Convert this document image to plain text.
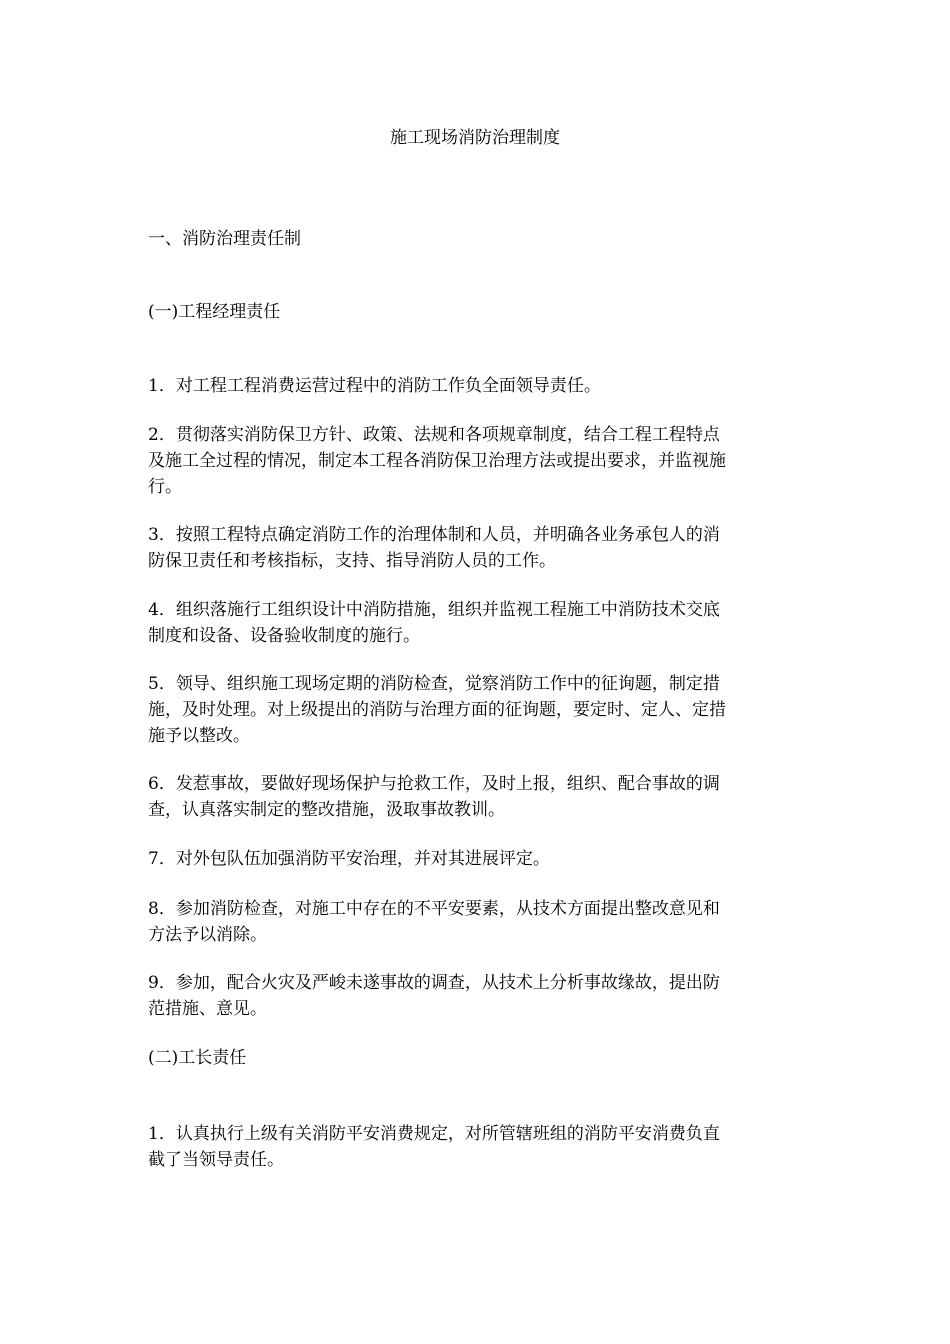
施工现场消防治理制度
一、消防治理责任制
(一)工程经理责任
1．对工程工程消费运营过程中的消防工作负全面领导责任。
2．贯彻落实消防保卫方针、政策、法规和各项规章制度，结合工程工程特点
及施工全过程的情况，制定本工程各消防保卫治理方法或提出要求，并监视施
行。
3．按照工程特点确定消防工作的治理体制和人员，并明确各业务承包人的消
防保卫责任和考核指标，支持、指导消防人员的工作。
4．组织落施行工组织设计中消防措施，组织并监视工程施工中消防技术交底
制度和设备、设备验收制度的施行。
5．领导、组织施工现场定期的消防检查，觉察消防工作中的征询题，制定措
施，及时处理。对上级提出的消防与治理方面的征询题，要定时、定人、定措
施予以整改。
6．发惹事故，要做好现场保护与抢救工作，及时上报，组织、配合事故的调
查，认真落实制定的整改措施，汲取事故教训。
7．对外包队伍加强消防平安治理，并对其进展评定。
8．参加消防检查，对施工中存在的不平安要素，从技术方面提出整改意见和
方法予以消除。
9．参加，配合火灾及严峻未遂事故的调查，从技术上分析事故缘故，提出防
范措施、意见。
(二)工长责任
1．认真执行上级有关消防平安消费规定，对所管辖班组的消防平安消费负直
截了当领导责任。
